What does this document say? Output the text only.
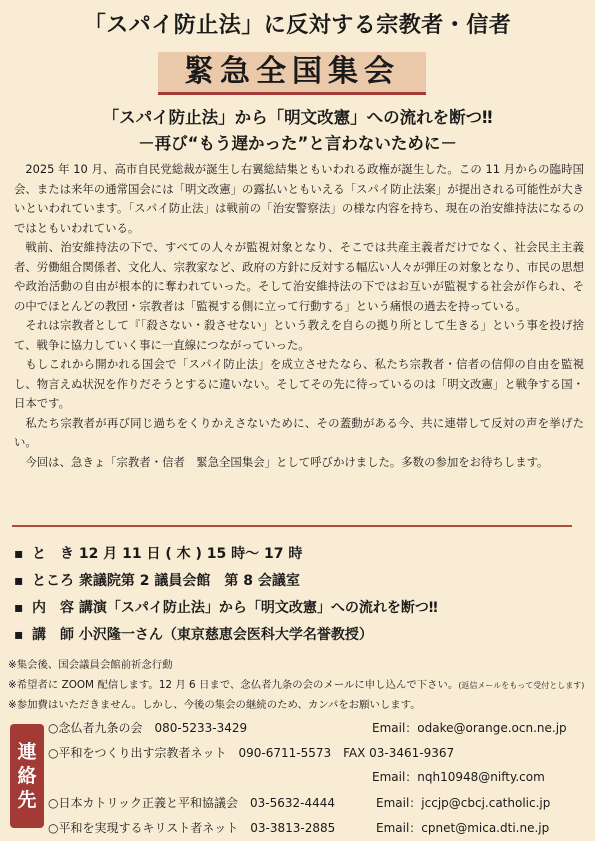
「スパイ防止法」に反対する宗教者・信者
緊急全国集会
「スパイ防止法」から「明文改憲」への流れを断つ‼
－再び“もう遅かった”と言わないために－

2025 年 10 月、高市自民党総裁が誕生し右翼総結集ともいわれる政権が誕生した。この 11 月からの臨時国会、または来年の通常国会には「明文改憲」の露払いともいえる「スパイ防止法案」が提出される可能性が大きいといわれています。「スパイ防止法」は戦前の「治安警察法」の様な内容を持ち、現在の治安維持法になるのではともいわれている。

戦前、治安維持法の下で、すべての人々が監視対象となり、そこでは共産主義者だけでなく、社会民主主義者、労働組合関係者、文化人、宗教家など、政府の方針に反対する幅広い人々が弾圧の対象となり、市民の思想や政治活動の自由が根本的に奪われていった。そして治安維持法の下ではお互いが監視する社会が作られ、その中でほとんどの教団・宗教者は「監視する側に立って行動する」という痛恨の過去を持っている。

それは宗教者として『「殺さない・殺させない」という教えを自らの拠り所として生きる」という事を投げ捨て、戦争に協力していく事に一直線につながっていった。

もしこれから開かれる国会で「スパイ防止法」を成立させたなら、私たち宗教者・信者の信仰の自由を監視し、物言えぬ状況を作りだそうとするに違いない。そしてその先に待っているのは「明文改憲」と戦争する国・日本です。

私たち宗教者が再び同じ過ちをくりかえさないために、その蓋動がある今、共に連帯して反対の声を挙げたい。

今回は、急きょ「宗教者・信者　緊急全国集会」として呼びかけました。多数の参加をお待ちします。

▪ と　き 12 月 11 日 ( 木 ) 15 時～ 17 時
▪ ところ 衆議院第 2 議員会館　第 8 会議室
▪ 内　容 講演「スパイ防止法」から「明文改憲」への流れを断つ‼
▪ 講　師 小沢隆一さん（東京慈恵会医科大学名誉教授）
※集会後、国会議員会館前祈念行動
※希望者に ZOOM 配信します。12 月 6 日まで、念仏者九条の会のメールに申し込んで下さい。(返信メールをもって受付とします)
※参加費はいただきません。しかし、今後の集会の継続のため、カンパをお願いします。
連
絡
先
○念仏者九条の会　080-5233-3429	Email：odake@orange.ocn.ne.jp
○平和をつくり出す宗教者ネット　090-6711-5573　FAX 03-3461-9367
Email：nqh10948@nifty.com
○日本カトリック正義と平和協議会　03-5632-4444	Email：jccjp@cbcj.catholic.jp
○平和を実現するキリスト者ネット　03-3813-2885	Email：cpnet@mica.dti.ne.jp
